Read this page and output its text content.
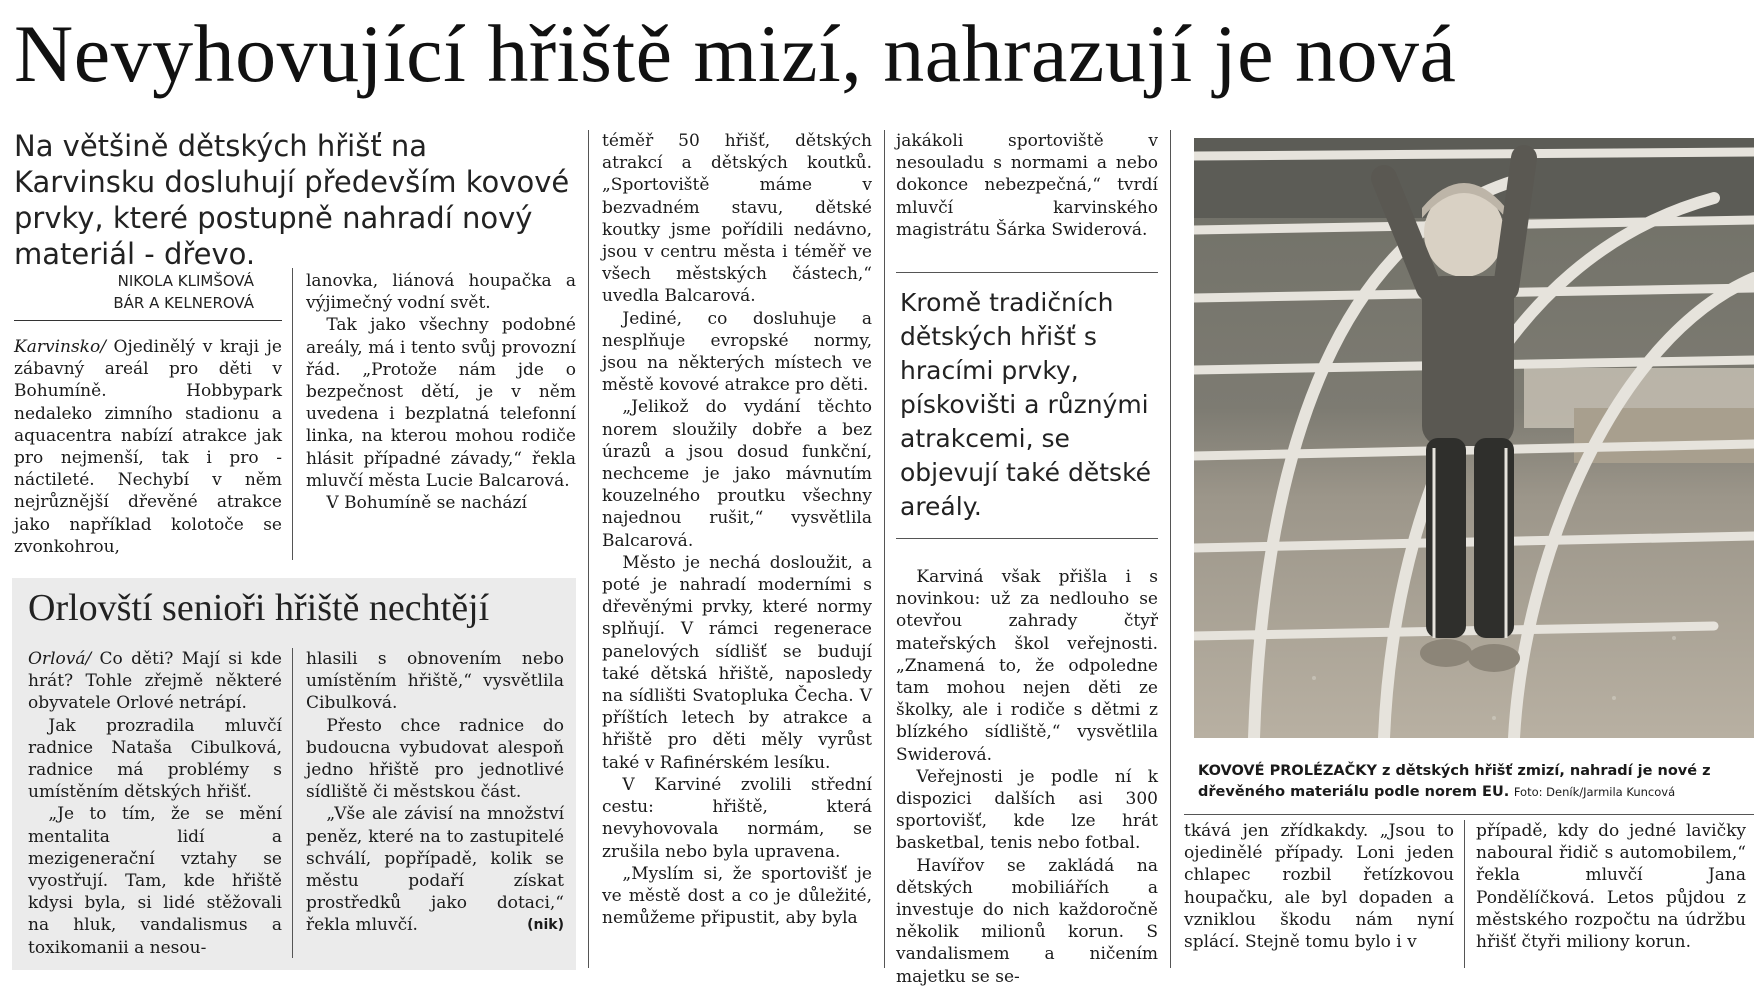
Nevyhovující hřiště mizí, nahrazují je nová

Na většině dětských hřišť na Karvinsku dosluhují především kovové prvky, které postupně nahradí nový materiál - dřevo.

NIKOLA KLIMŠOVÁ
BÁR A KELNEROVÁ

Karvinsko/ Ojedinělý v kraji je zábavný areál pro děti v Bohumíně. Hobbypark nedaleko zimního stadionu a aquacentra nabízí atrakce jak pro nejmenší, tak i pro -náctileté. Nechybí v něm nejrůznější dřevěné atrakce jako například kolotoče se zvonkohrou,

lanovka, liánová houpačka a výjimečný vodní svět.

Tak jako všechny podobné areály, má i tento svůj provozní řád. „Protože nám jde o bezpečnost dětí, je v něm uvedena i bezplatná telefonní linka, na kterou mohou rodiče hlásit případné závady,“ řekla mluvčí města Lucie Balcarová.

V Bohumíně se nachází

téměř 50 hřišť, dětských atrakcí a dětských koutků. „Sportoviště máme v bezvadném stavu, dětské koutky jsme pořídili nedávno, jsou v centru města i téměř ve všech městských částech,“ uvedla Balcarová.

Jediné, co dosluhuje a nesplňuje evropské normy, jsou na některých místech ve městě kovové atrakce pro děti.

„Jelikož do vydání těchto norem sloužily dobře a bez úrazů a jsou dosud funkční, nechceme je jako mávnutím kouzelného proutku všechny najednou rušit,“ vysvětlila Balcarová.

Město je nechá dosloužit, a poté je nahradí moderními s dřevěnými prvky, které normy splňují. V rámci regenerace panelových sídlišť se budují také dětská hřiště, naposledy na sídlišti Svatopluka Čecha. V příštích letech by atrakce a hřiště pro děti měly vyrůst také v Rafinérském lesíku.

V Karviné zvolili střední cestu: hřiště, která nevyhovovala normám, se zrušila nebo byla upravena.

„Myslím si, že sportovišť je ve městě dost a co je důležité, nemůžeme připustit, aby byla

jakákoli sportoviště v nesouladu s normami a nebo dokonce nebezpečná,“ tvrdí mluvčí karvinského magistrátu Šárka Swiderová.

Kromě tradičních dětských hřišť s hracími prvky, pískovišti a různými atrakcemi, se objevují také dětské areály.

Karviná však přišla i s novinkou: už za nedlouho se otevřou zahrady čtyř mateřských škol veřejnosti. „Znamená to, že odpoledne tam mohou nejen děti ze školky, ale i rodiče s dětmi z blízkého sídliště,“ vysvětlila Swiderová.

Veřejnosti je podle ní k dispozici dalších asi 300 sportovišť, kde lze hrát basketbal, tenis nebo fotbal.

Havířov se zakládá na dětských mobiliářích a investuje do nich každoročně několik milionů korun. S vandalismem a ničením majetku se se-

KOVOVÉ PROLÉZAČKY z dětských hřišť zmizí, nahradí je nové z dřevěného materiálu podle norem EU. Foto: Deník/Jarmila Kuncová

tkává jen zřídkakdy. „Jsou to ojedinělé případy. Loni jeden chlapec rozbil řetízkovou houpačku, ale byl dopaden a vzniklou škodu nám nyní splácí. Stejně tomu bylo i v

případě, kdy do jedné lavičky naboural řidič s automobilem,“ řekla mluvčí Jana Pondělíčková. Letos půjdou z městského rozpočtu na údržbu hřišť čtyři miliony korun.

Orlovští senioři hřiště nechtějí

Orlová/ Co děti? Mají si kde hrát? Tohle zřejmě některé obyvatele Orlové netrápí.

Jak prozradila mluvčí radnice Nataša Cibulková, radnice má problémy s umístěním dětských hřišť.

„Je to tím, že se mění mentalita lidí a mezigenerační vztahy se vyostřují. Tam, kde hřiště kdysi byla, si lidé stěžovali na hluk, vandalismus a toxikomanii a nesou-

hlasili s obnovením nebo umístěním hřiště,“ vysvětlila Cibulková.

Přesto chce radnice do budoucna vybudovat alespoň jedno hřiště pro jednotlivé sídliště či městskou část.

„Vše ale závisí na množství peněz, které na to zastupitelé schválí, popřípadě, kolik se městu podaří získat prostředků jako dotaci,“ řekla mluvčí.	(nik)
